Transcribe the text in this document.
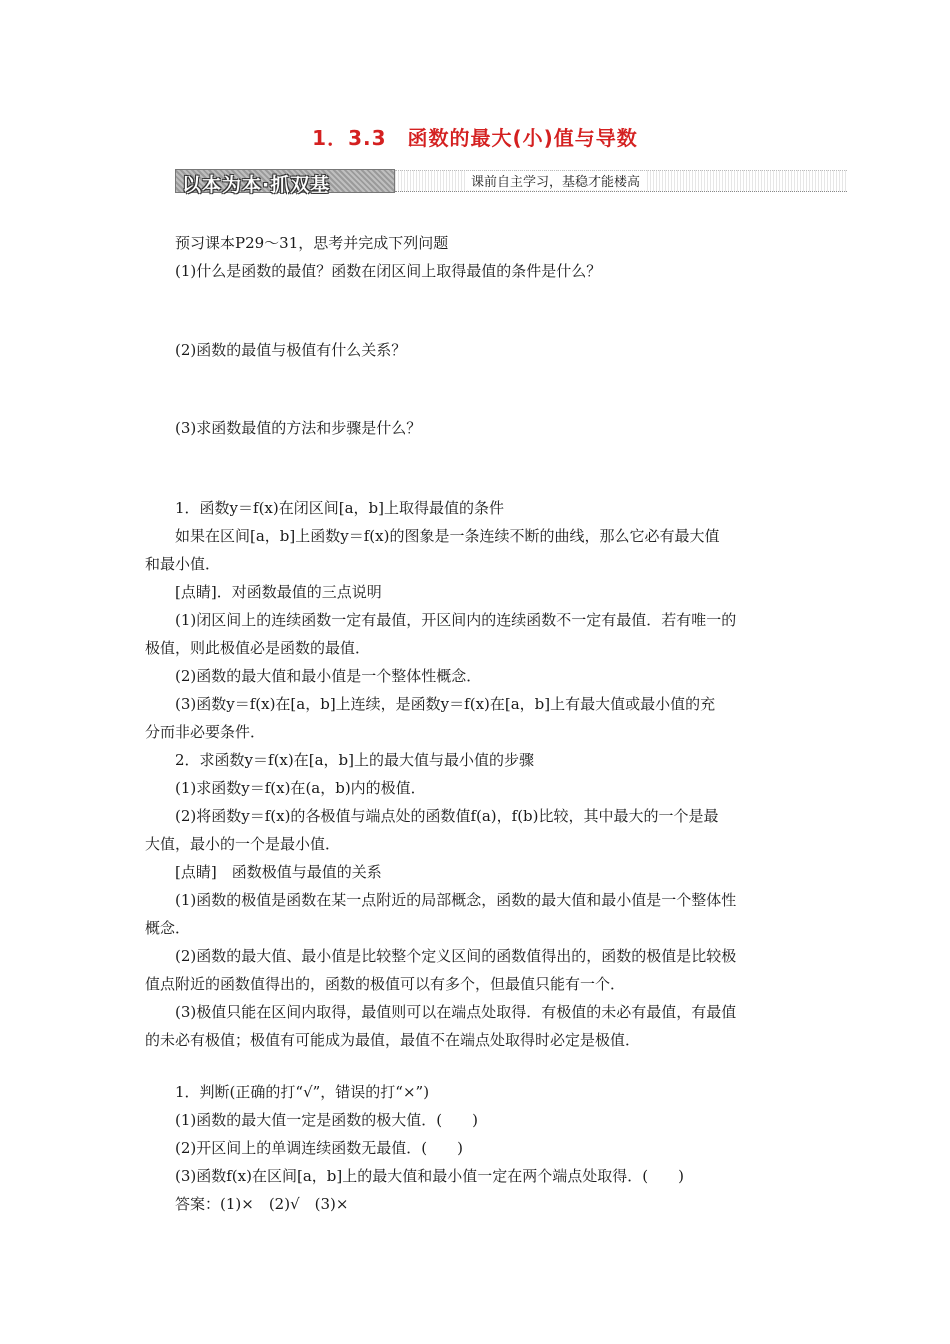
1．3.3　函数的最大(小)值与导数
以本为本·抓双基	课前自主学习，基稳才能楼高
预习课本P29～31，思考并完成下列问题
(1)什么是函数的最值？函数在闭区间上取得最值的条件是什么？
(2)函数的最值与极值有什么关系？
(3)求函数最值的方法和步骤是什么？
1．函数y＝f(x)在闭区间[a，b]上取得最值的条件
如果在区间[a，b]上函数y＝f(x)的图象是一条连续不断的曲线，那么它必有最大值
和最小值．
[点睛]．对函数最值的三点说明
(1)闭区间上的连续函数一定有最值，开区间内的连续函数不一定有最值．若有唯一的
极值，则此极值必是函数的最值．
(2)函数的最大值和最小值是一个整体性概念．
(3)函数y＝f(x)在[a，b]上连续，是函数y＝f(x)在[a，b]上有最大值或最小值的充
分而非必要条件．
2．求函数y＝f(x)在[a，b]上的最大值与最小值的步骤
(1)求函数y＝f(x)在(a，b)内的极值．
(2)将函数y＝f(x)的各极值与端点处的函数值f(a)，f(b)比较，其中最大的一个是最
大值，最小的一个是最小值．
[点睛]　函数极值与最值的关系
(1)函数的极值是函数在某一点附近的局部概念，函数的最大值和最小值是一个整体性
概念．
(2)函数的最大值、最小值是比较整个定义区间的函数值得出的，函数的极值是比较极
值点附近的函数值得出的，函数的极值可以有多个，但最值只能有一个．
(3)极值只能在区间内取得，最值则可以在端点处取得．有极值的未必有最值，有最值
的未必有极值；极值有可能成为最值，最值不在端点处取得时必定是极值．
1．判断(正确的打“√”，错误的打“×”)
(1)函数的最大值一定是函数的极大值．(　　)
(2)开区间上的单调连续函数无最值．(　　)
(3)函数f(x)在区间[a，b]上的最大值和最小值一定在两个端点处取得．(　　)
答案：(1)×　(2)√　(3)×
